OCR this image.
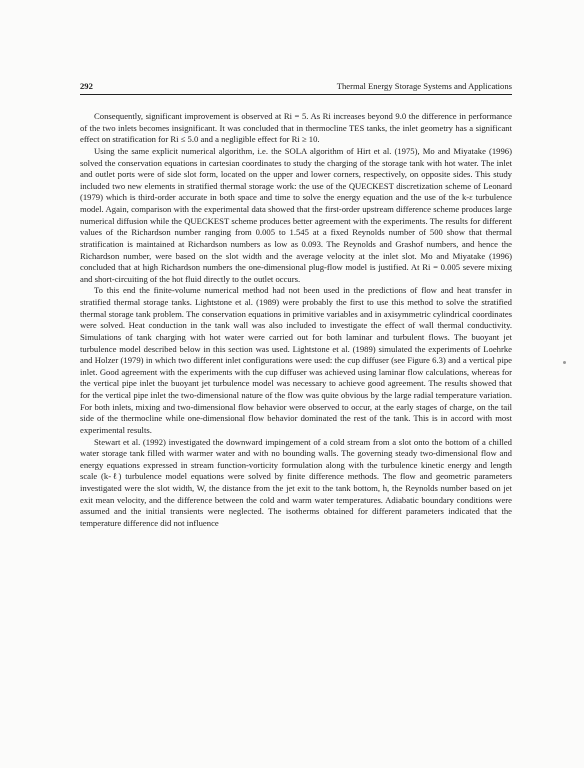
292	Thermal Energy Storage Systems and Applications

Consequently, significant improvement is observed at Ri = 5. As Ri increases beyond 9.0 the difference in performance of the two inlets becomes insignificant. It was concluded that in thermocline TES tanks, the inlet geometry has a significant effect on stratification for Ri ≤ 5.0 and a negligible effect for Ri ≥ 10.

Using the same explicit numerical algorithm, i.e. the SOLA algorithm of Hirt et al. (1975), Mo and Miyatake (1996) solved the conservation equations in cartesian coordinates to study the charging of the storage tank with hot water. The inlet and outlet ports were of side slot form, located on the upper and lower corners, respectively, on opposite sides. This study included two new elements in stratified thermal storage work: the use of the QUECKEST discretization scheme of Leonard (1979) which is third-order accurate in both space and time to solve the energy equation and the use of the k-ε turbulence model. Again, comparison with the experimental data showed that the first-order upstream difference scheme produces large numerical diffusion while the QUECKEST scheme produces better agreement with the experiments. The results for different values of the Richardson number ranging from 0.005 to 1.545 at a fixed Reynolds number of 500 show that thermal stratification is maintained at Richardson numbers as low as 0.093. The Reynolds and Grashof numbers, and hence the Richardson number, were based on the slot width and the average velocity at the inlet slot. Mo and Miyatake (1996) concluded that at high Richardson numbers the one-dimensional plug-flow model is justified. At Ri = 0.005 severe mixing and short-circuiting of the hot fluid directly to the outlet occurs.

To this end the finite-volume numerical method had not been used in the predictions of flow and heat transfer in stratified thermal storage tanks. Lightstone et al. (1989) were probably the first to use this method to solve the stratified thermal storage tank problem. The conservation equations in primitive variables and in axisymmetric cylindrical coordinates were solved. Heat conduction in the tank wall was also included to investigate the effect of wall thermal conductivity. Simulations of tank charging with hot water were carried out for both laminar and turbulent flows. The buoyant jet turbulence model described below in this section was used. Lightstone et al. (1989) simulated the experiments of Loehrke and Holzer (1979) in which two different inlet configurations were used: the cup diffuser (see Figure 6.3) and a vertical pipe inlet. Good agreement with the experiments with the cup diffuser was achieved using laminar flow calculations, whereas for the vertical pipe inlet the buoyant jet turbulence model was necessary to achieve good agreement. The results showed that for the vertical pipe inlet the two-dimensional nature of the flow was quite obvious by the large radial temperature variation. For both inlets, mixing and two-dimensional flow behavior were observed to occur, at the early stages of charge, on the tail side of the thermocline while one-dimensional flow behavior dominated the rest of the tank. This is in accord with most experimental results.

Stewart et al. (1992) investigated the downward impingement of a cold stream from a slot onto the bottom of a chilled water storage tank filled with warmer water and with no bounding walls. The governing steady two-dimensional flow and energy equations expressed in stream function-vorticity formulation along with the turbulence kinetic energy and length scale (k-ℓ) turbulence model equations were solved by finite difference methods. The flow and geometric parameters investigated were the slot width, W, the distance from the jet exit to the tank bottom, h, the Reynolds number based on jet exit mean velocity, and the difference between the cold and warm water temperatures. Adiabatic boundary conditions were assumed and the initial transients were neglected. The isotherms obtained for different parameters indicated that the temperature difference did not influence
